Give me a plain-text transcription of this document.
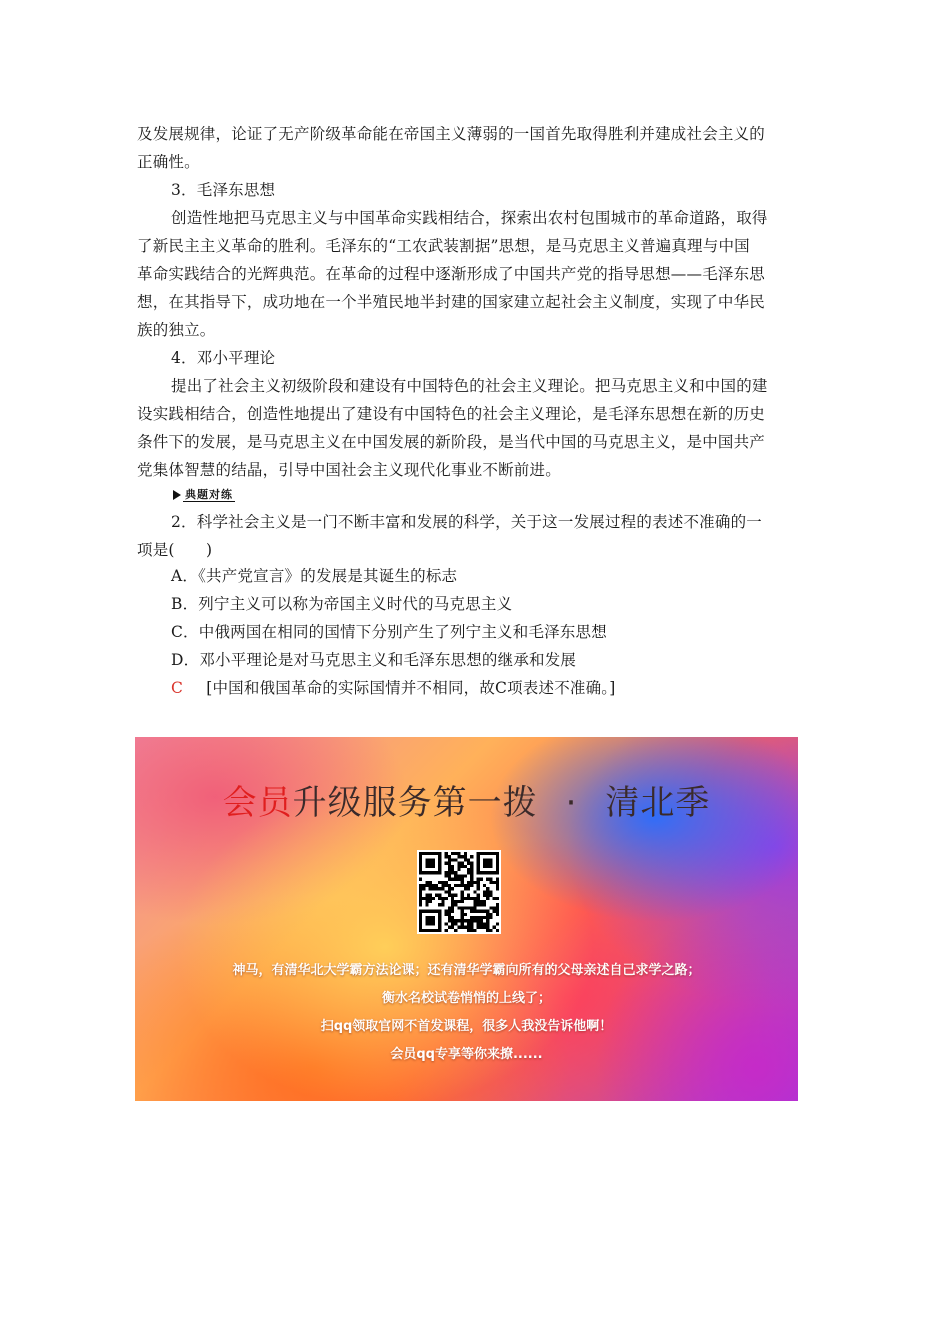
及发展规律，论证了无产阶级革命能在帝国主义薄弱的一国首先取得胜利并建成社会主义的
正确性。
3．毛泽东思想
创造性地把马克思主义与中国革命实践相结合，探索出农村包围城市的革命道路，取得
了新民主主义革命的胜利。毛泽东的“工农武装割据”思想，是马克思主义普遍真理与中国
革命实践结合的光辉典范。在革命的过程中逐渐形成了中国共产党的指导思想——毛泽东思
想，在其指导下，成功地在一个半殖民地半封建的国家建立起社会主义制度，实现了中华民
族的独立。
4．邓小平理论
提出了社会主义初级阶段和建设有中国特色的社会主义理论。把马克思主义和中国的建
设实践相结合，创造性地提出了建设有中国特色的社会主义理论，是毛泽东思想在新的历史
条件下的发展，是马克思主义在中国发展的新阶段，是当代中国的马克思主义，是中国共产
党集体智慧的结晶，引导中国社会主义现代化事业不断前进。
典题对练
2．科学社会主义是一门不断丰富和发展的科学，关于这一发展过程的表述不准确的一
项是(　　)
A．《共产党宣言》的发展是其诞生的标志
B．列宁主义可以称为帝国主义时代的马克思主义
C．中俄两国在相同的国情下分别产生了列宁主义和毛泽东思想
D．邓小平理论是对马克思主义和毛泽东思想的继承和发展
C [中国和俄国革命的实际国情并不相同，故C项表述不准确。]
会员升级服务第一拨 · 清北季
神马，有清华北大学霸方法论课；还有清华学霸向所有的父母亲述自己求学之路；
衡水名校试卷悄悄的上线了；
扫qq领取官网不首发课程，很多人我没告诉他啊！
会员qq专享等你来撩......
